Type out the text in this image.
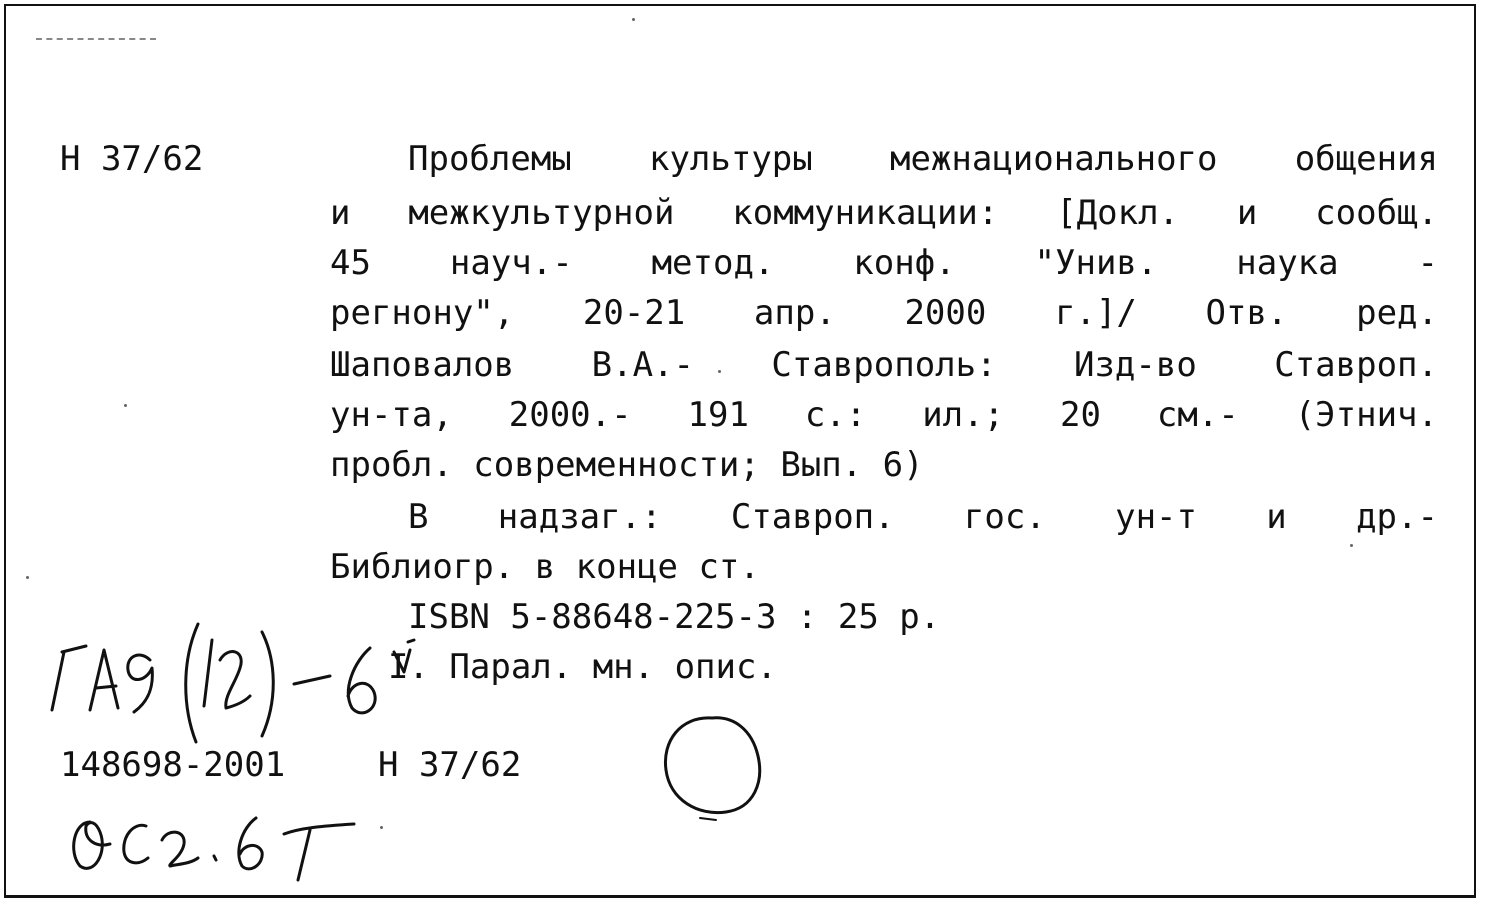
Н 37/62	Проблемы культуры межнационального общения
и межкультурной коммуникации: [Докл. и сообщ.
45 науч.- метод. конф. "Унив. наука -
регнону", 20-21 апр. 2000 г.]/ Отв. ред.
Шаповалов В.А.- Ставрополь: Изд-во Ставроп.
ун-та, 2000.- 191 с.: ил.; 20 см.- (Этнич.
пробл. современности; Вып. 6)
В надзаг.: Ставроп. гос. ун-т и др.-
Библиогр. в конце ст.
ISBN 5-88648-225-3 : 25 р.
I. Парал. мн. опис.
148698-2001	Н 37/62
